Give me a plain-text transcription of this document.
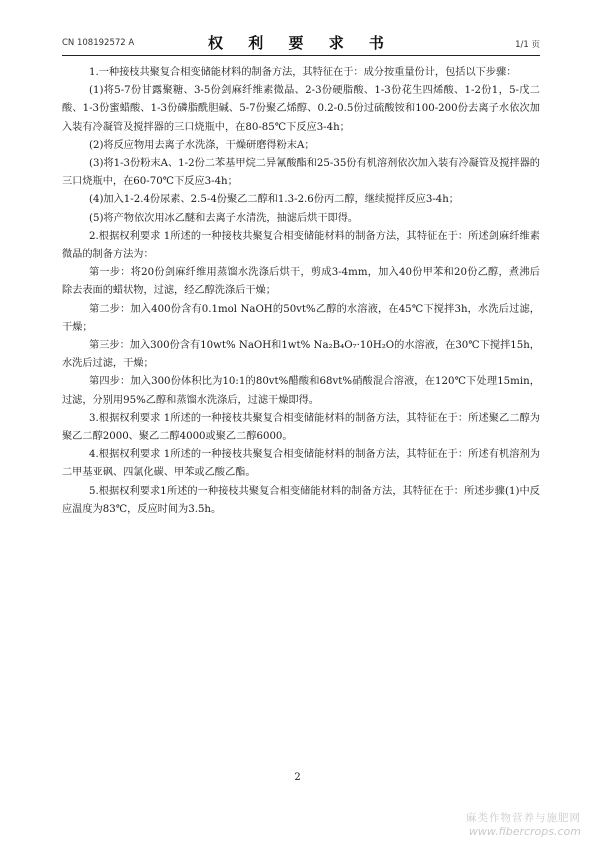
CN 108192572 A	权 利 要 求 书	1/1 页

1.一种接枝共聚复合相变储能材料的制备方法，其特征在于：成分按重量份计，包括以下步骤：

(1)将5-7份甘露聚糖、3-5份剑麻纤维素微晶、2-3份硬脂酸、1-3份花生四烯酸、1-2份1，5-戊二酸、1-3份蜜蜡酸、1-3份磷脂酰胆碱、5-7份聚乙烯醇、0.2-0.5份过硫酸铵和100-200份去离子水依次加入装有冷凝管及搅拌器的三口烧瓶中，在80-85℃下反应3-4h；

(2)将反应物用去离子水洗涤，干燥研磨得粉末A；

(3)将1-3份粉末A、1-2份二苯基甲烷二异氰酸酯和25-35份有机溶剂依次加入装有冷凝管及搅拌器的三口烧瓶中，在60-70℃下反应3-4h；

(4)加入1-2.4份尿素、2.5-4份聚乙二醇和1.3-2.6份丙二醇，继续搅拌反应3-4h；

(5)将产物依次用冰乙醚和去离子水清洗，抽滤后烘干即得。

2.根据权利要求 1所述的一种接枝共聚复合相变储能材料的制备方法，其特征在于：所述剑麻纤维素微晶的制备方法为：

第一步：将20份剑麻纤维用蒸馏水洗涤后烘干，剪成3-4mm，加入40份甲苯和20份乙醇，煮沸后除去表面的蜡状物，过滤，经乙醇洗涤后干燥；

第二步：加入400份含有0.1mol NaOH的50vt%乙醇的水溶液，在45℃下搅拌3h，水洗后过滤，干燥；

第三步：加入300份含有10wt% NaOH和1wt% Na₂B₄O₇·10H₂O的水溶液，在30℃下搅拌15h，水洗后过滤，干燥；

第四步：加入300份体积比为10:1的80vt%醋酸和68vt%硝酸混合溶液，在120℃下处理15min，过滤，分别用95%乙醇和蒸馏水洗涤后，过滤干燥即得。

3.根据权利要求 1所述的一种接枝共聚复合相变储能材料的制备方法，其特征在于：所述聚乙二醇为聚乙二醇2000、聚乙二醇4000或聚乙二醇6000。

4.根据权利要求 1所述的一种接枝共聚复合相变储能材料的制备方法，其特征在于：所述有机溶剂为二甲基亚砜、四氯化碳、甲苯或乙酸乙酯。

5.根据权利要求1所述的一种接枝共聚复合相变储能材料的制备方法，其特征在于：所述步骤(1)中反应温度为83℃，反应时间为3.5h。

2
麻类作物营养与施肥网
www.fibercrops.com
